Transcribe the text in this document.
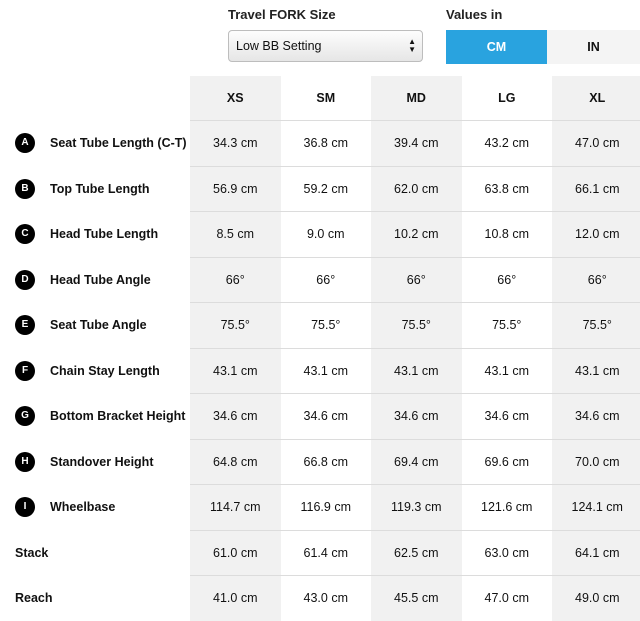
Travel FORK Size
Low BB Setting	▲
▼
Values in
CM	IN
	XS	SM	MD	LG	XL

A Seat Tube Length (C-T)	34.3 cm	36.8 cm	39.4 cm	43.2 cm	47.0 cm

B Top Tube Length	56.9 cm	59.2 cm	62.0 cm	63.8 cm	66.1 cm

C Head Tube Length	8.5 cm	9.0 cm	10.2 cm	10.8 cm	12.0 cm

D Head Tube Angle	66°	66°	66°	66°	66°

E Seat Tube Angle	75.5°	75.5°	75.5°	75.5°	75.5°

F Chain Stay Length	43.1 cm	43.1 cm	43.1 cm	43.1 cm	43.1 cm

G Bottom Bracket Height	34.6 cm	34.6 cm	34.6 cm	34.6 cm	34.6 cm

H Standover Height	64.8 cm	66.8 cm	69.4 cm	69.6 cm	70.0 cm

I Wheelbase	114.7 cm	116.9 cm	119.3 cm	121.6 cm	124.1 cm

Stack	61.0 cm	61.4 cm	62.5 cm	63.0 cm	64.1 cm

Reach	41.0 cm	43.0 cm	45.5 cm	47.0 cm	49.0 cm
